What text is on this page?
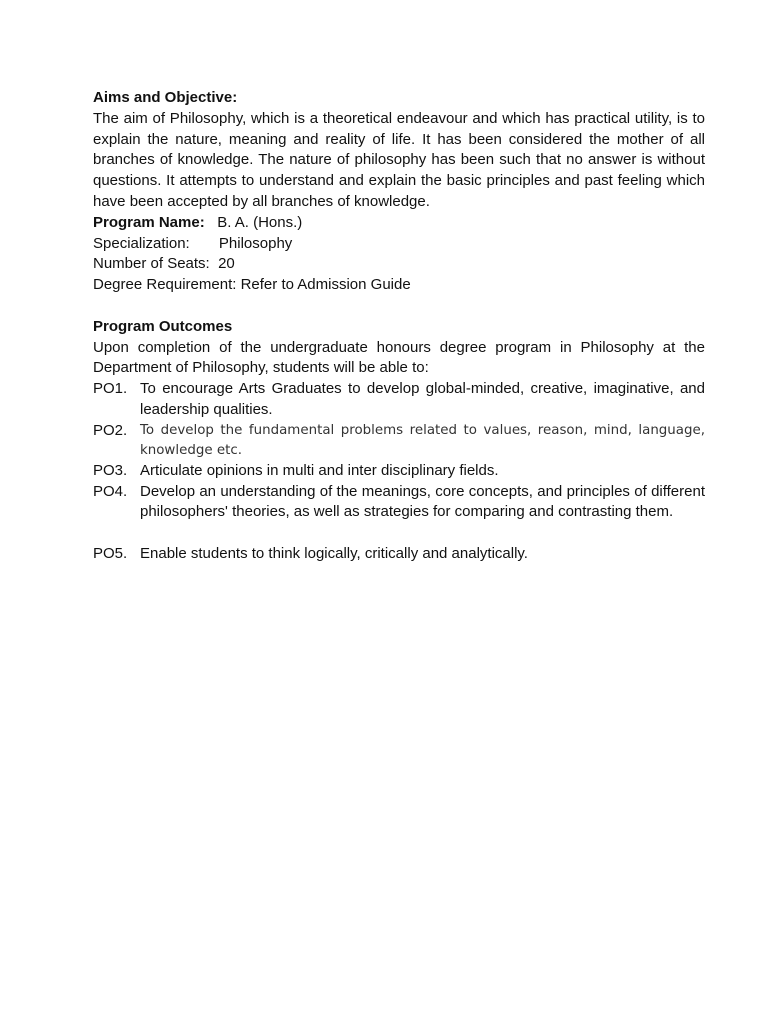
Aims and Objective:

The aim of Philosophy, which is a theoretical endeavour and which has practical utility, is to explain the nature, meaning and reality of life. It has been considered the mother of all branches of knowledge. The nature of philosophy has been such that no answer is without questions. It attempts to understand and explain the basic principles and past feeling which have been accepted by all branches of knowledge.

Program Name: B. A. (Hons.)
Specialization: Philosophy
Number of Seats: 20
Degree Requirement: Refer to Admission Guide
Program Outcomes

Upon completion of the undergraduate honours degree program in Philosophy at the Department of Philosophy, students will be able to:

PO1. To encourage Arts Graduates to develop global-minded, creative, imaginative, and leadership qualities.
PO2. To develop the fundamental problems related to values, reason, mind, language, knowledge etc.
PO3. Articulate opinions in multi and inter disciplinary fields.
PO4. Develop an understanding of the meanings, core concepts, and principles of different philosophers' theories, as well as strategies for comparing and contrasting them.
PO5. Enable students to think logically, critically and analytically.
